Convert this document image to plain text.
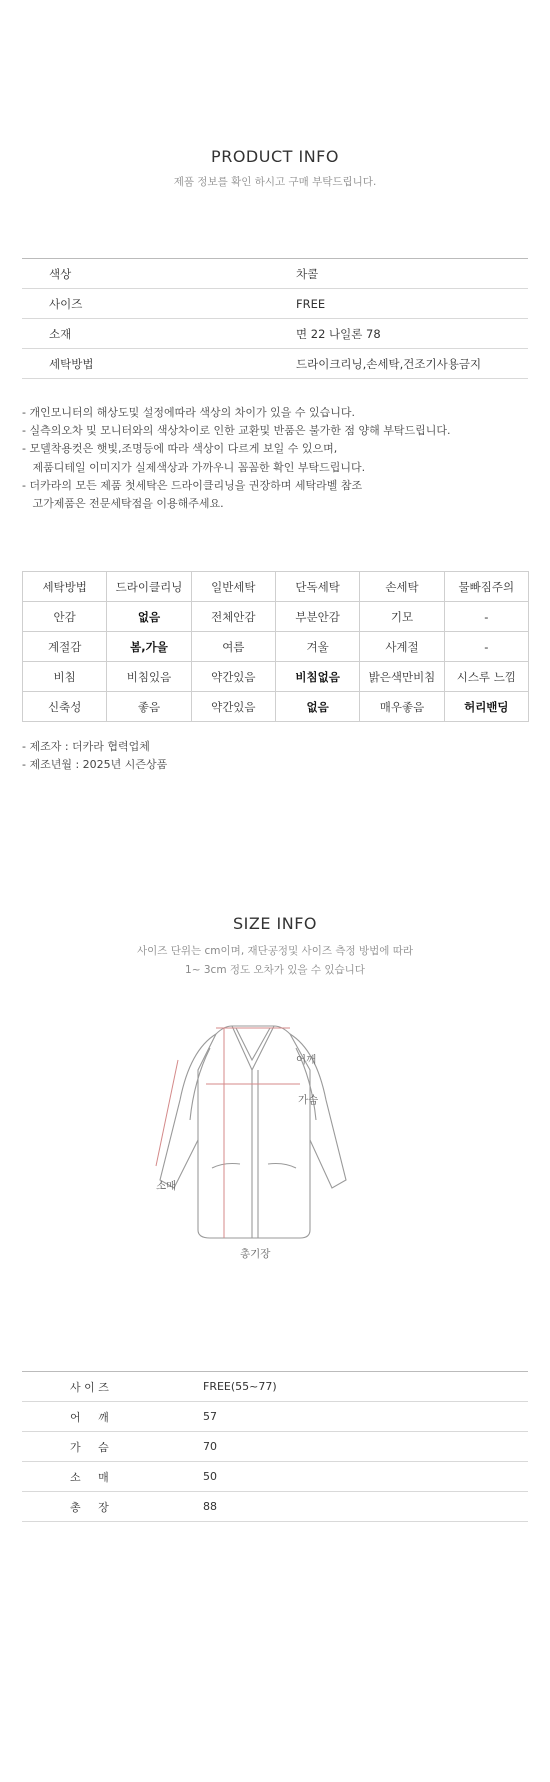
PRODUCT INFO
제품 정보를 확인 하시고 구매 부탁드립니다.
색상	차콜
사이즈	FREE
소재	면 22 나일론 78
세탁방법	드라이크리닝,손세탁,건조기사용금지
- 개인모니터의 해상도및 설정에따라 색상의 차이가 있을 수 있습니다.
- 실측의오차 및 모니터와의 색상차이로 인한 교환및 반품은 불가한 점 양해 부탁드립니다.
- 모델착용컷은 햇빛,조명등에 따라 색상이 다르게 보일 수 있으며,
제품디테일 이미지가 실제색상과 가까우니 꼼꼼한 확인 부탁드립니다.
- 더카라의 모든 제품 첫세탁은 드라이클리닝을 권장하며 세탁라벨 참조
고가제품은 전문세탁점을 이용해주세요.
세탁방법	드라이클리닝	일반세탁	단독세탁	손세탁	물빠짐주의
안감	없음	전체안감	부분안감	기모	-
계절감	봄,가을	여름	겨울	사계절	-
비침	비침있음	약간있음	비침없음	밝은색만비침	시스루 느낌
신축성	좋음	약간있음	없음	매우좋음	허리밴딩
- 제조자 : 더카라 협력업체
- 제조년월 : 2025년 시즌상품
SIZE INFO
사이즈 단위는 cm이며, 재단공정및 사이즈 측정 방법에 따라
1~ 3cm 정도 오차가 있을 수 있습니다
어깨
가슴
소매
총기장
사 이 즈	FREE(55~77)
어     깨	57
가     슴	70
소     매	50
총     장	88
